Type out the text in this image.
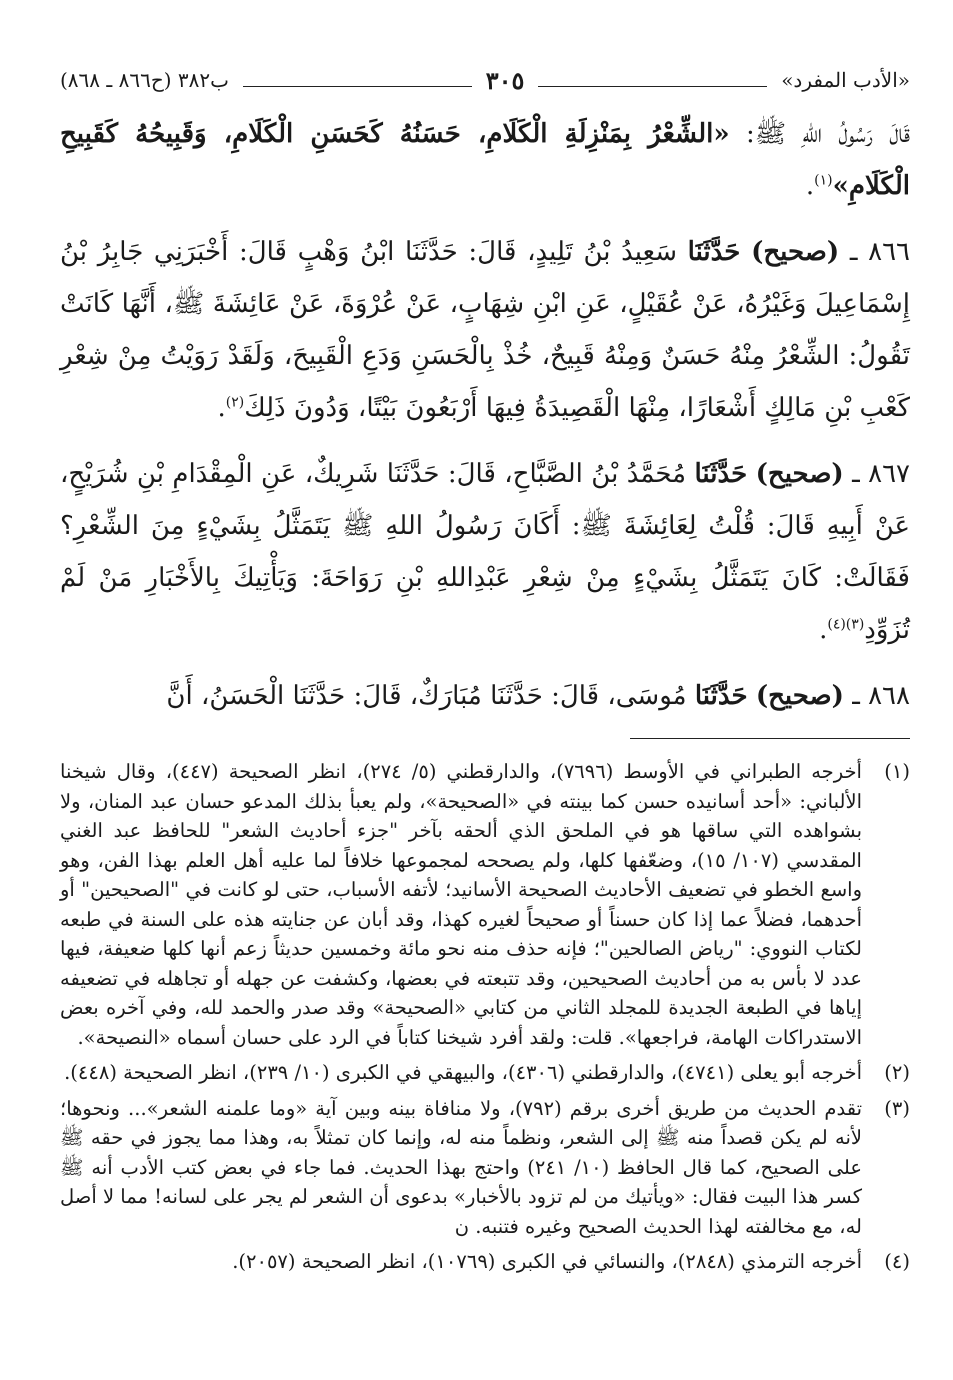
«الأدب المفرد»
٣٠٥
ب٣٨٢ (ح٨٦٦ ـ ٨٦٨)

قَالَ رَسُولُ اللهِ ﷺ: «الشِّعْرُ بِمَنْزِلَةِ الْكَلَامِ، حَسَنُهُ كَحَسَنِ الْكَلَامِ، وَقَبِيحُهُ كَقَبِيحِ الْكَلَامِ»$^{(١)}$.

٨٦٦ ـ (صحيح) حَدَّثَنَا سَعِيدُ بْنُ تَلِيدٍ، قَالَ: حَدَّثَنَا ابْنُ وَهْبٍ قَالَ: أَخْبَرَنِي جَابِرُ بْنُ إِسْمَاعِيلَ وَغَيْرُهُ، عَنْ عُقَيْلٍ، عَنِ ابْنِ شِهَابٍ، عَنْ عُرْوَةَ، عَنْ عَائِشَةَ ﷺ، أَنَّهَا كَانَتْ تَقُولُ: الشِّعْرُ مِنْهُ حَسَنٌ وَمِنْهُ قَبِيحٌ، خُذْ بِالْحَسَنِ وَدَعِ الْقَبِيحَ، وَلَقَدْ رَوَيْتُ مِنْ شِعْرِ كَعْبِ بْنِ مَالِكٍ أَشْعَارًا، مِنْهَا الْقَصِيدَةُ فِيهَا أَرْبَعُونَ بَيْتًا، وَدُونَ ذَلِكَ$^{(٢)}$.

٨٦٧ ـ (صحيح) حَدَّثَنَا مُحَمَّدُ بْنُ الصَّبَّاحِ، قَالَ: حَدَّثَنَا شَرِيكٌ، عَنِ الْمِقْدَامِ بْنِ شُرَيْحٍ، عَنْ أَبِيهِ قَالَ: قُلْتُ لِعَائِشَةَ ﷺ: أَكَانَ رَسُولُ اللهِ ﷺ يَتَمَثَّلُ بِشَيْءٍ مِنَ الشِّعْرِ؟ فَقَالَتْ: كَانَ يَتَمَثَّلُ بِشَيْءٍ مِنْ شِعْرِ عَبْدِاللهِ بْنِ رَوَاحَةَ: وَيَأْتِيكَ بِالأَخْبَارِ مَنْ لَمْ تُزَوِّدِ$^{(٣)(٤)}$.

٨٦٨ ـ (صحيح) حَدَّثَنَا مُوسَى، قَالَ: حَدَّثَنَا مُبَارَكٌ، قَالَ: حَدَّثَنَا الْحَسَنُ، أَنَّ

(١)
أخرجه الطبراني في الأوسط (٧٦٩٦)، والدارقطني (٥/ ٢٧٤)، انظر الصحيحة (٤٤٧)، وقال شيخنا الألباني: «أحد أسانيده حسن كما بينته في «الصحيحة»، ولم يعبأ بذلك المدعو حسان عبد المنان، ولا بشواهده التي ساقها هو في الملحق الذي ألحقه بآخر "جزء أحاديث الشعر" للحافظ عبد الغني المقدسي (١٠٧/ ١٥)، وضعّفها كلها، ولم يصححه لمجموعها خلافاً لما عليه أهل العلم بهذا الفن، وهو واسع الخطو في تضعيف الأحاديث الصحيحة الأسانيد؛ لأتفه الأسباب، حتى لو كانت في "الصحيحين" أو أحدهما، فضلاً عما إذا كان حسناً أو صحيحاً لغيره كهذا، وقد أبان عن جنايته هذه على السنة في طبعه لكتاب النووي: "رياض الصالحين"؛ فإنه حذف منه نحو مائة وخمسين حديثاً زعم أنها كلها ضعيفة، فيها عدد لا بأس به من أحاديث الصحيحين، وقد تتبعته في بعضها، وكشفت عن جهله أو تجاهله في تضعيفه إياها في الطبعة الجديدة للمجلد الثاني من كتابي «الصحيحة» وقد صدر والحمد لله، وفي آخره بعض الاستدراكات الهامة، فراجعها». قلت: ولقد أفرد شيخنا كتاباً في الرد على حسان أسماه «النصيحة».
(٢)
أخرجه أبو يعلى (٤٧٤١)، والدارقطني (٤٣٠٦)، والبيهقي في الكبرى (١٠/ ٢٣٩)، انظر الصحيحة (٤٤٨).
(٣)
تقدم الحديث من طريق أخرى برقم (٧٩٢)، ولا منافاة بينه وبين آية «وما علمنه الشعر»... ونحوها؛ لأنه لم يكن قصداً منه ﷺ إلى الشعر، ونظماً منه له، وإنما كان تمثلاً به، وهذا مما يجوز في حقه ﷺ على الصحيح، كما قال الحافظ (١٠/ ٢٤١) واحتج بهذا الحديث. فما جاء في بعض كتب الأدب أنه ﷺ كسر هذا البيت فقال: «ويأتيك من لم تزود بالأخبار» بدعوى أن الشعر لم يجر على لسانه! مما لا أصل له، مع مخالفته لهذا الحديث الصحيح وغيره فتنبه. ن
(٤)
أخرجه الترمذي (٢٨٤٨)، والنسائي في الكبرى (١٠٧٦٩)، انظر الصحيحة (٢٠٥٧).
